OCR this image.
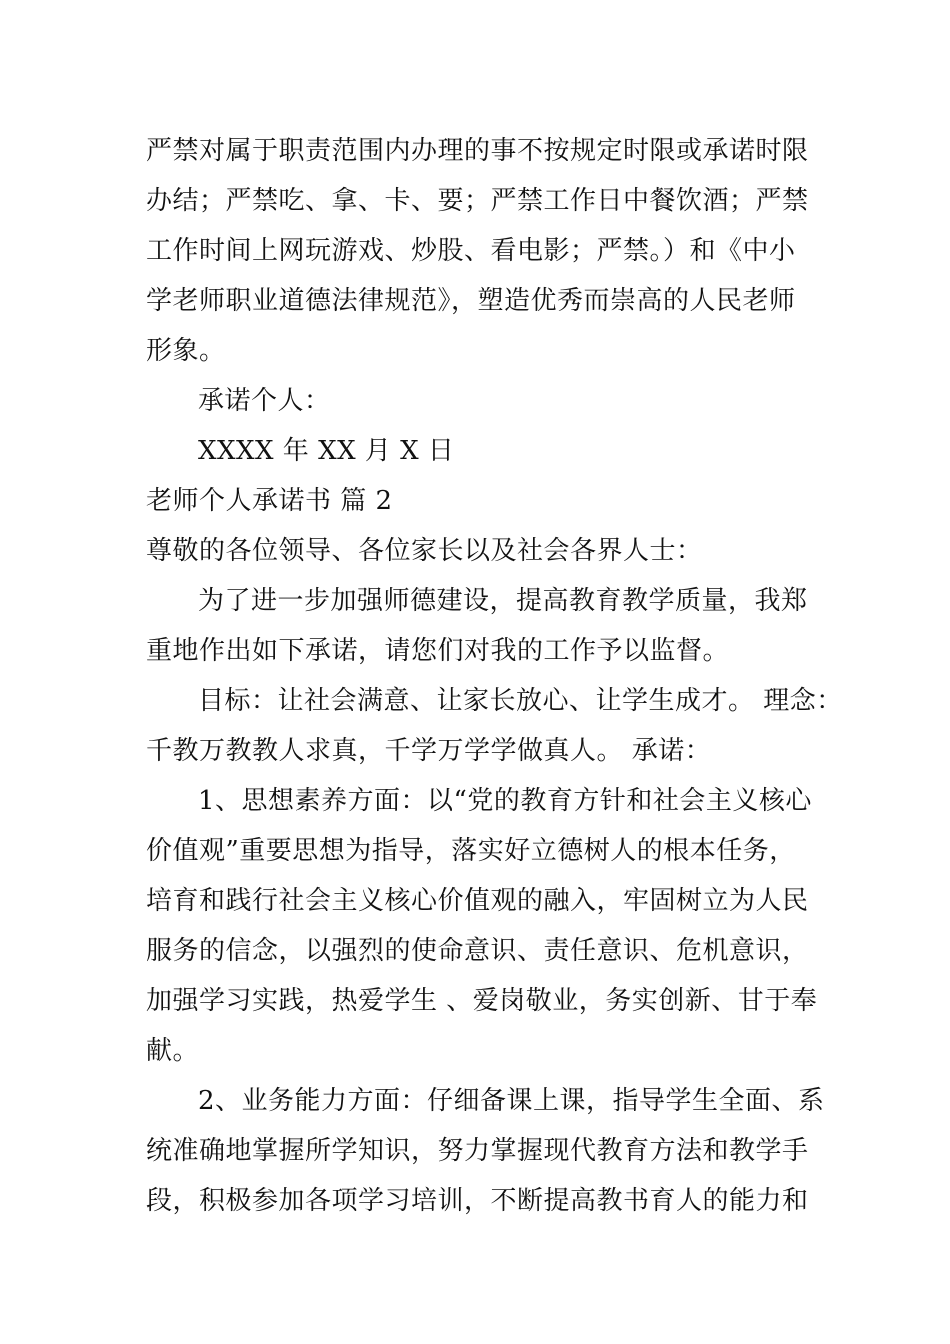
严禁对属于职责范围内办理的事不按规定时限或承诺时限
办结；严禁吃、拿、卡、要；严禁工作日中餐饮酒；严禁
工作时间上网玩游戏、炒股、看电影；严禁。）和《中小
学老师职业道德法律规范》，塑造优秀而崇高的人民老师
形象。
承诺个人：
XXXX 年 XX 月 X 日
老师个人承诺书 篇 2
尊敬的各位领导、各位家长以及社会各界人士：
为了进一步加强师德建设，提高教育教学质量，我郑
重地作出如下承诺，请您们对我的工作予以监督。
目标：让社会满意、让家长放心、让学生成才。 理念：
千教万教教人求真，千学万学学做真人。 承诺：
1、思想素养方面：以“党的教育方针和社会主义核心
价值观”重要思想为指导，落实好立德树人的根本任务，
培育和践行社会主义核心价值观的融入，牢固树立为人民
服务的信念，以强烈的使命意识、责任意识、危机意识，
加强学习实践，热爱学生 、爱岗敬业，务实创新、甘于奉
献。
2、业务能力方面：仔细备课上课，指导学生全面、系
统准确地掌握所学知识，努力掌握现代教育方法和教学手
段，积极参加各项学习培训，不断提高教书育人的能力和
